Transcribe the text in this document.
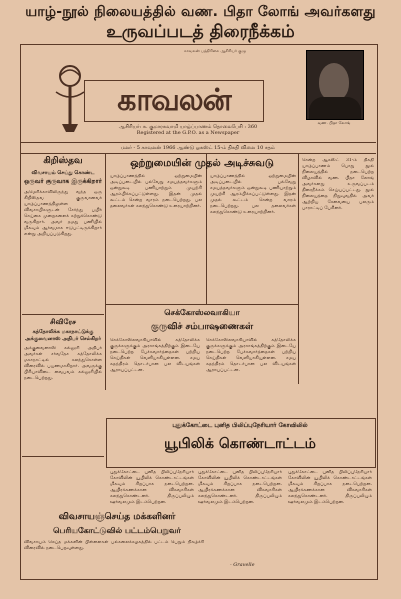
யாழ்-நூல் நிலையத்தில் வண. பிதா லோங் அவர்களது
உருவப்படத் திரைநீக்கம்
காவலன் பத்திரிகை ஆசிரியர் குழு
காவலன்
ஆசிரியர்: சு. குமாரசுவாமி யாழ்ப்பாணம் தொலைபேசி : 360
Registered at the G.P.O. as a Newspaper
வண. பிதா லோங்
மலர் - 5 காவலன் 1966 ஆண்டு ஓகஸ்ட் 15-ம் திகதி விலை 10 சதம்
கிறிஸ்தவ
விவசாயம் செய்து கொண்ட
ஒருவர் குருவாக இருக்கிறார்
அமெரிக்காவிலிருந்து வந்த ஒரு கிறிஸ்தவ குருவானவர் யாழ்ப்பாணத்திலுள்ள விவசாயிகளுடன் சேர்ந்து பயிர் செய்கை முறைகளைக் கற்றுக்கொண்டு வருகிறார். அவர் தமது பணியில் மிகவும் ஆர்வமாக ஈடுபட்டிருக்கிறார் என்று அறியப்படுகிறது.
சிவிரேச
கத்தோலிக்க மகாநாட்டுக்கு
அக்குவைனாஸ் அதிபர் செல்கிறர்
அக்குவைனாஸ் கல்லூரி அதிபர் அவர்கள் சர்வதேச கத்தோலிக்க மகாநாட்டில் கலந்துகொள்ள விரைவில் பயணமாகிறார். அவருக்கு பிரியாவிடை வைபவம் கல்லூரியில் நடைபெற்றது.
ஒற்றுமையின் முதல் அடிச்சுவடு
யாழ்ப்பாணத்தில் ஒற்றுமையின் அடிப்படையில் பல்வேறு சமயத்தவர்களும் ஒன்றுகூடி பணியாற்றும் முயற்சி ஆரம்பிக்கப்பட்டுள்ளது. இதன் முதல் கூட்டம் சென்ற வாரம் நடைபெற்றது. பல தலைவர்கள் கலந்துகொண்டு உரையாற்றினர்.
யாழ்ப்பாணத்தில் ஒற்றுமையின் அடிப்படையில் பல்வேறு சமயத்தவர்களும் ஒன்றுகூடி பணியாற்றும் முயற்சி ஆரம்பிக்கப்பட்டுள்ளது. இதன் முதல் கூட்டம் சென்ற வாரம் நடைபெற்றது. பல தலைவர்கள் கலந்துகொண்டு உரையாற்றினர்.
சென்ற ஆகஸ்ட் 31-ம் திகதி யாழ்ப்பாணம் பொது நூல் நிலையத்தில் நடைபெற்ற விழாவில் வண. பிதா லோங் அவர்களது உருவப்படம் திரைநீக்கம் செய்யப்பட்டது. நூல் நிலையத்தை நிறுவுவதில் அவர் ஆற்றிய சேவையை பலரும் பாராட்டிப் பேசினர்.
செக்கோஸ்லவாகியா
குருவிச் சம்பாஷணைகள்
செக்கோஸ்லவாகியாவில் கத்தோலிக்க குருக்களுக்கும் அரசாங்கத்திற்கும் இடையே நடைபெற்ற பேச்சுவார்த்தைகள் பற்றிய செய்திகள் வெளியாகியுள்ளன. சமய சுதந்திரம் தொடர்பான பல விடயங்கள் ஆராயப்பட்டன.
செக்கோஸ்லவாகியாவில் கத்தோலிக்க குருக்களுக்கும் அரசாங்கத்திற்கும் இடையே நடைபெற்ற பேச்சுவார்த்தைகள் பற்றிய செய்திகள் வெளியாகியுள்ளன. சமய சுதந்திரம் தொடர்பான பல விடயங்கள் ஆராயப்பட்டன.
புதுக்கோட்டை புனித பிலிப்புநேரியார் கோவிலில்
யூபிலிக் கொண்டாட்டம்
புதுக்கோட்டை புனித பிலிப்புநேரியார் கோவிலின் யூபிலிக் கொண்டாட்டங்கள் மிகவும் சிறப்பாக நடைபெற்றன. ஆயிரக்கணக்கான விசுவாசிகள் கலந்துகொண்டனர். திருப்பலியும் ஊர்வலமும் இடம்பெற்றன.
புதுக்கோட்டை புனித பிலிப்புநேரியார் கோவிலின் யூபிலிக் கொண்டாட்டங்கள் மிகவும் சிறப்பாக நடைபெற்றன. ஆயிரக்கணக்கான விசுவாசிகள் கலந்துகொண்டனர். திருப்பலியும் ஊர்வலமும் இடம்பெற்றன.
புதுக்கோட்டை புனித பிலிப்புநேரியார் கோவிலின் யூபிலிக் கொண்டாட்டங்கள் மிகவும் சிறப்பாக நடைபெற்றன. ஆயிரக்கணக்கான விசுவாசிகள் கலந்துகொண்டனர். திருப்பலியும் ஊர்வலமும் இடம்பெற்றன.
- Gravelle
விவசாயஞ்செய்த மக்களினர்
பெரியகோட்டுவில் பட்டம்பெறுவர்
விவசாயம் செய்த மக்களின் பிள்ளைகள் பல்கலைக்கழகத்தில் பட்டம் பெறும் நிகழ்ச்சி விரைவில் நடைபெறவுள்ளது.
